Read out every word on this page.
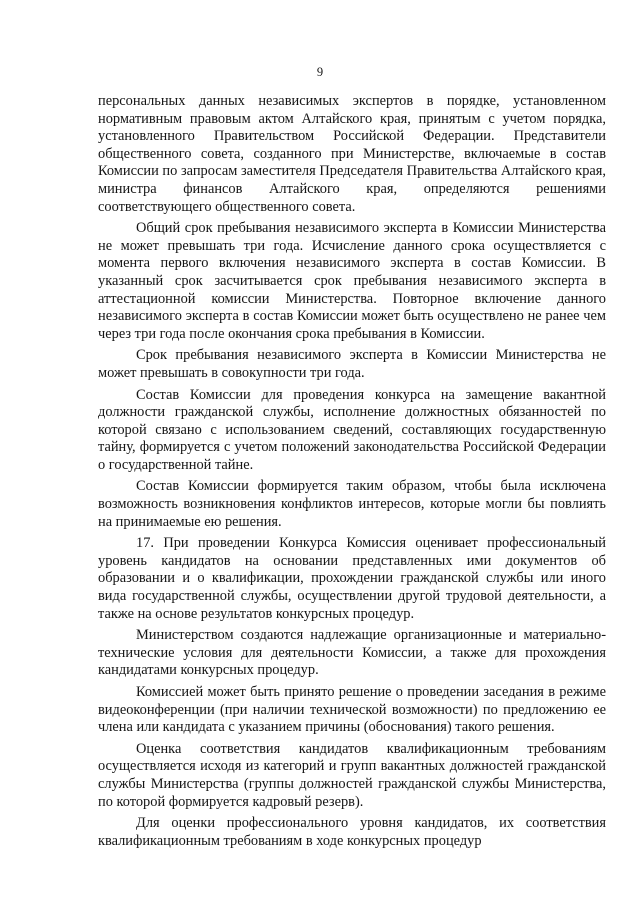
9

персональных данных независимых экспертов в порядке, установленном нормативным правовым актом Алтайского края, принятым с учетом порядка, установленного Правительством Российской Федерации. Представители общественного совета, созданного при Министерстве, включаемые в состав Комиссии по запросам заместителя Председателя Правительства Алтайского края, министра финансов Алтайского края, определяются решениями соответствующего общественного совета.

Общий срок пребывания независимого эксперта в Комиссии Министерства не может превышать три года. Исчисление данного срока осуществляется с момента первого включения независимого эксперта в состав Комиссии. В указанный срок засчитывается срок пребывания независимого эксперта в аттестационной комиссии Министерства. Повторное включение данного независимого эксперта в состав Комиссии может быть осуществлено не ранее чем через три года после окончания срока пребывания в Комиссии.

Срок пребывания независимого эксперта в Комиссии Министерства не может превышать в совокупности три года.

Состав Комиссии для проведения конкурса на замещение вакантной должности гражданской службы, исполнение должностных обязанностей по которой связано с использованием сведений, составляющих государственную тайну, формируется с учетом положений законодательства Российской Федерации о государственной тайне.

Состав Комиссии формируется таким образом, чтобы была исключена возможность возникновения конфликтов интересов, которые могли бы повлиять на принимаемые ею решения.

17. При проведении Конкурса Комиссия оценивает профессиональный уровень кандидатов на основании представленных ими документов об образовании и о квалификации, прохождении гражданской службы или иного вида государственной службы, осуществлении другой трудовой деятельности, а также на основе результатов конкурсных процедур.

Министерством создаются надлежащие организационные и материально-технические условия для деятельности Комиссии, а также для прохождения кандидатами конкурсных процедур.

Комиссией может быть принято решение о проведении заседания в режиме видеоконференции (при наличии технической возможности) по предложению ее члена или кандидата с указанием причины (обоснования) такого решения.

Оценка соответствия кандидатов квалификационным требованиям осуществляется исходя из категорий и групп вакантных должностей гражданской службы Министерства (группы должностей гражданской службы Министерства, по которой формируется кадровый резерв).

Для оценки профессионального уровня кандидатов, их соответствия квалификационным требованиям в ходе конкурсных процедур
